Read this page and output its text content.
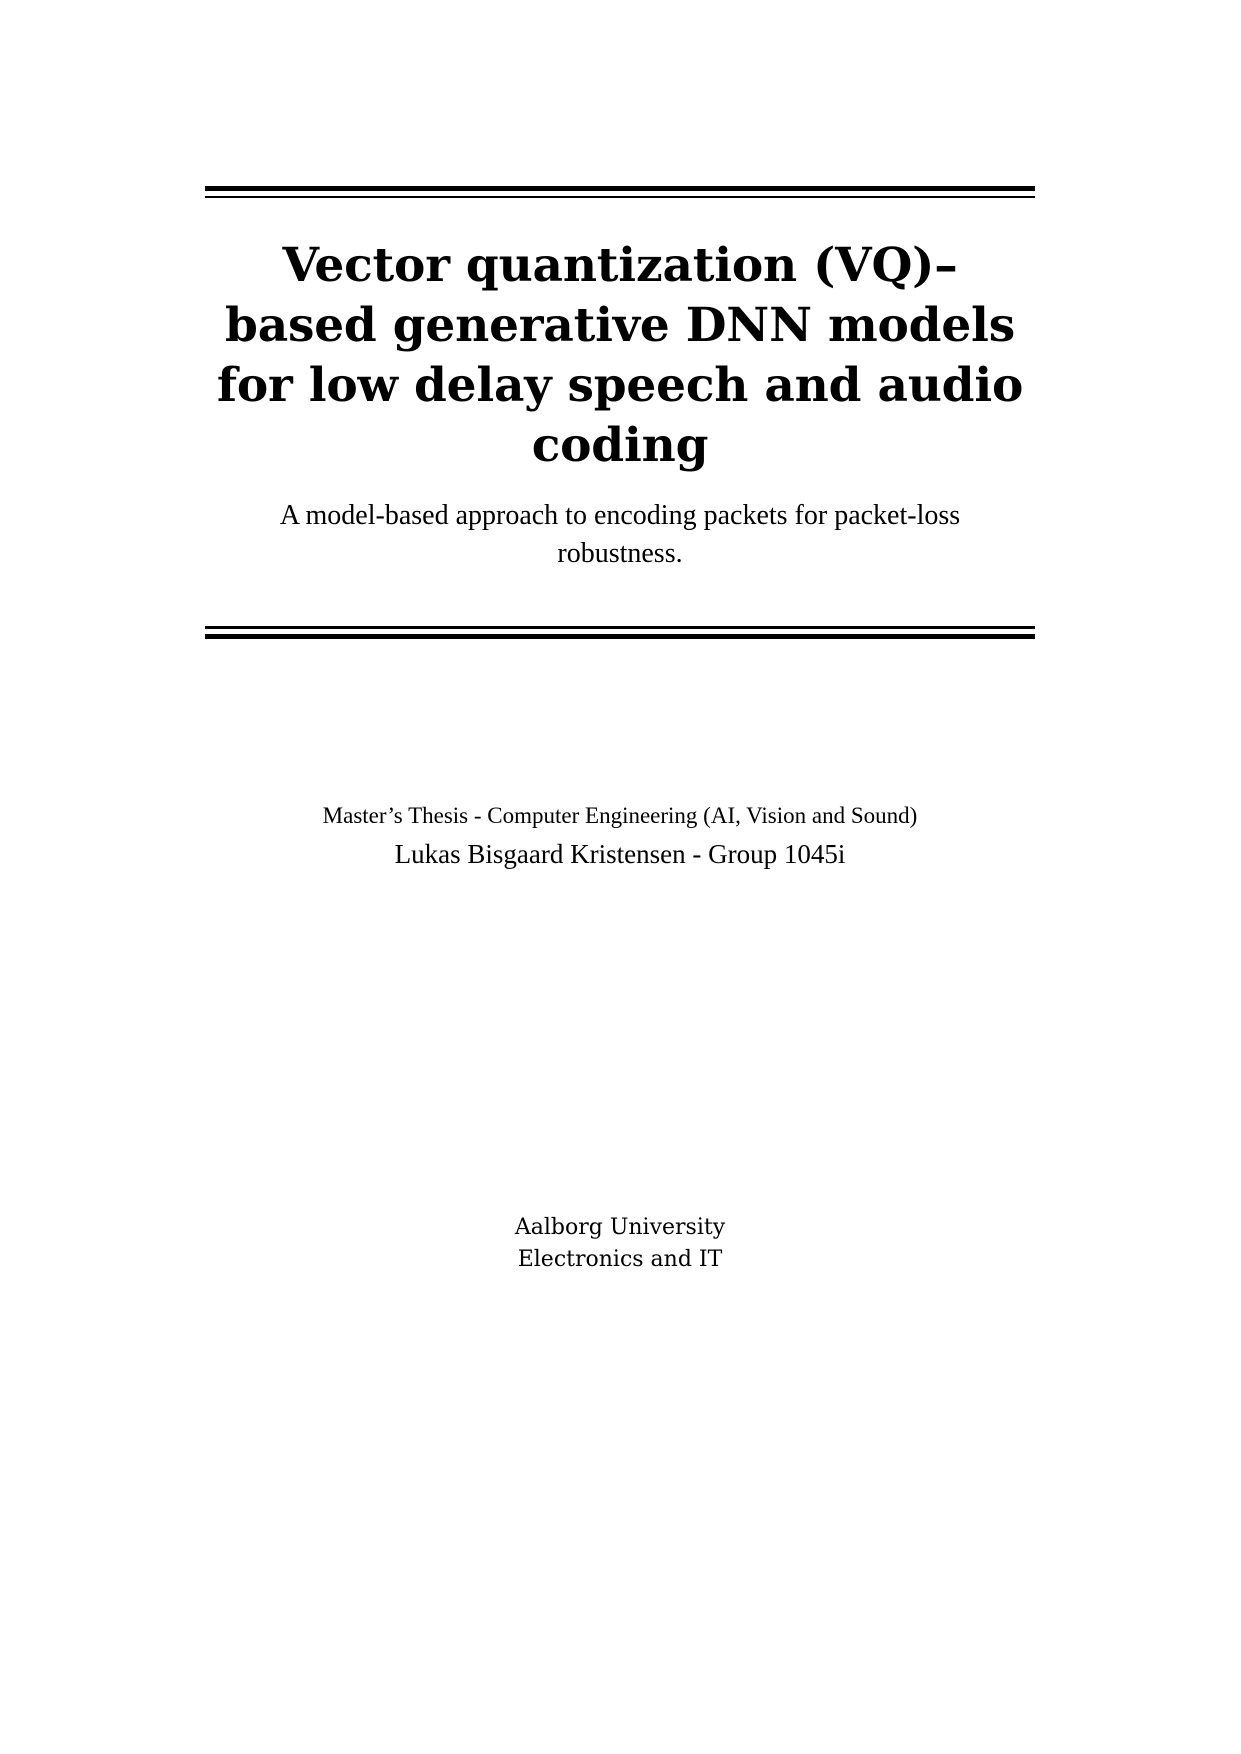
Vector quantization (VQ)–based generative DNN models for low delay speech and audio coding

A model-based approach to encoding packets for packet-loss robustness.

Master’s Thesis - Computer Engineering (AI, Vision and Sound)
Lukas Bisgaard Kristensen - Group 1045i
Aalborg University
Electronics and IT
